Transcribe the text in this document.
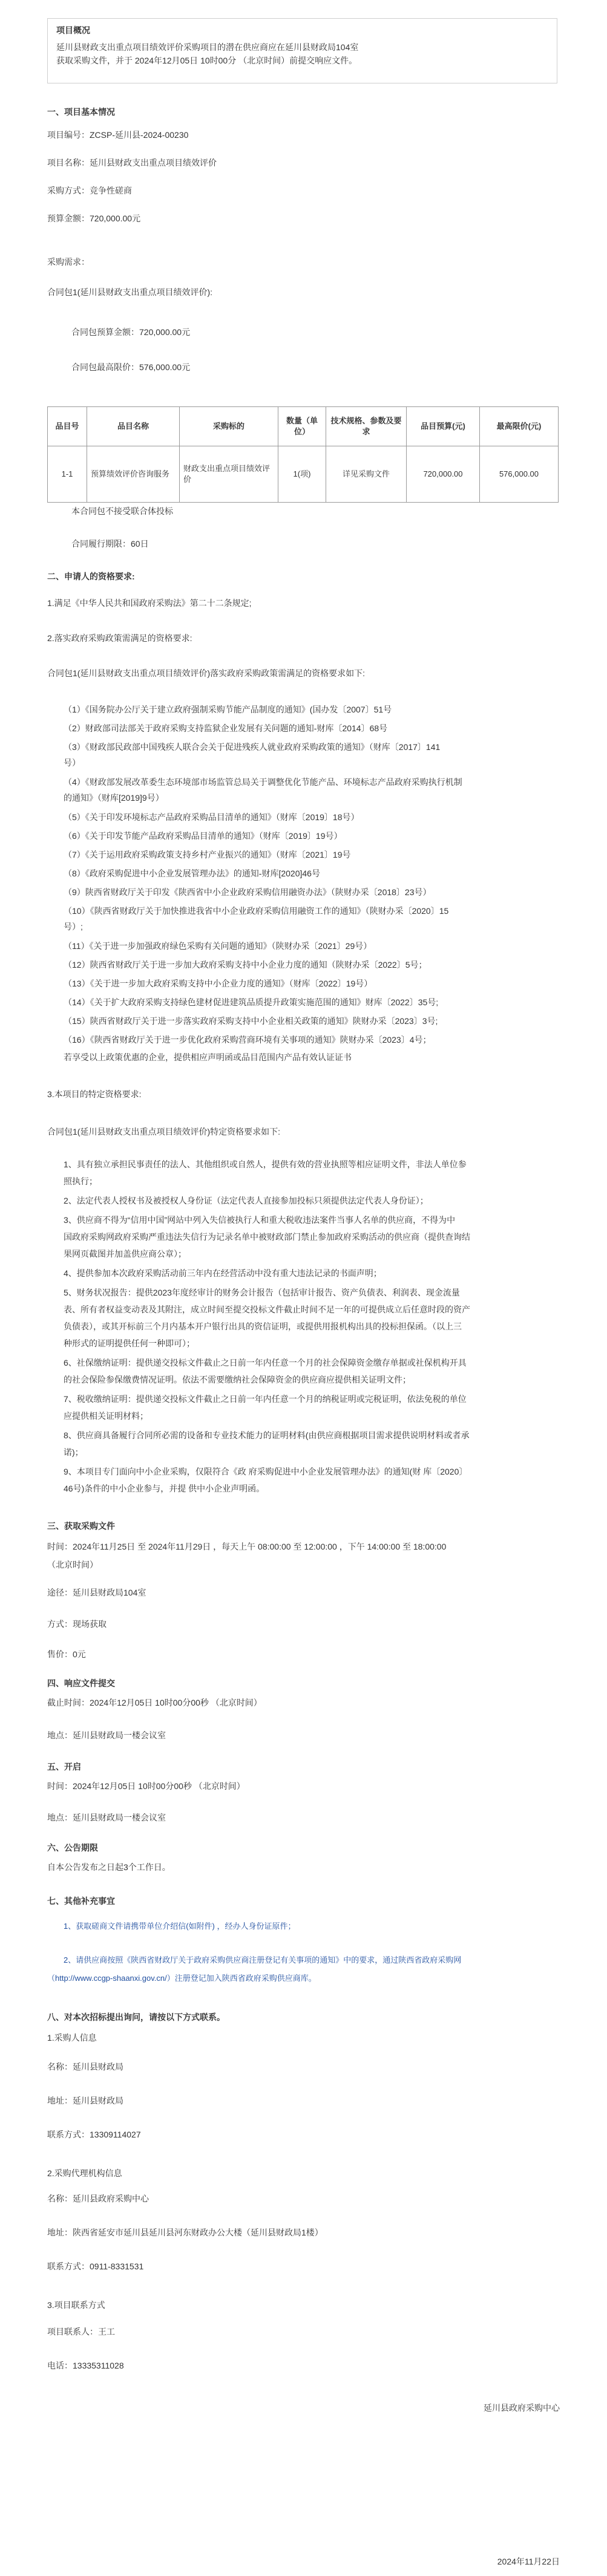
项目概况

延川县财政支出重点项目绩效评价采购项目的潜在供应商应在延川县财政局104室

获取采购文件，并于 2024年12月05日 10时00分 （北京时间）前提交响应文件。

一、项目基本情况
项目编号：ZCSP-延川县-2024-00230
项目名称：延川县财政支出重点项目绩效评价
采购方式：竞争性磋商
预算金额：720,000.00元
采购需求：
合同包1(延川县财政支出重点项目绩效评价):
合同包预算金额：720,000.00元
合同包最高限价：576,000.00元
品目号	品目名称	采购标的	数量（单位）	技术规格、参数及要求	品目预算(元)	最高限价(元)
1-1	预算绩效评价咨询服务	财政支出重点项目绩效评价	1(项)	详见采购文件	720,000.00	576,000.00
本合同包不接受联合体投标
合同履行期限：60日
二、申请人的资格要求:
1.满足《中华人民共和国政府采购法》第二十二条规定;
2.落实政府采购政策需满足的资格要求:
合同包1(延川县财政支出重点项目绩效评价)落实政府采购政策需满足的资格要求如下:
（1）《国务院办公厅关于建立政府强制采购节能产品制度的通知》(国办发〔2007〕51号
（2）财政部司法部关于政府采购支持监狱企业发展有关问题的通知-财库〔2014〕68号
（3）《财政部民政部中国残疾人联合会关于促进残疾人就业政府采购政策的通知》（财库〔2017〕141
号）
（4）《财政部发展改革委生态环境部市场监管总局关于调整优化节能产品、环境标志产品政府采购执行机制
的通知》（财库[2019]9号）
（5）《关于印发环境标志产品政府采购品目清单的通知》（财库〔2019〕18号）
（6）《关于印发节能产品政府采购品目清单的通知》（财库〔2019〕19号）
（7）《关于运用政府采购政策支持乡村产业振兴的通知》（财库〔2021〕19号
（8）《政府采购促进中小企业发展管理办法》的通知-财库[2020]46号
（9）陕西省财政厅关于印发《陕西省中小企业政府采购信用融资办法》（陕财办采〔2018〕23号）
（10）《陕西省财政厅关于加快推进我省中小企业政府采购信用融资工作的通知》（陕财办采〔2020〕15
号）;
（11）《关于进一步加强政府绿色采购有关问题的通知》（陕财办采〔2021〕29号）
（12）陕西省财政厅关于进一步加大政府采购支持中小企业力度的通知（陕财办采〔2022〕5号；
（13）《关于进一步加大政府采购支持中小企业力度的通知》（财库〔2022〕19号）
（14）《关于扩大政府采购支持绿色建材促进建筑品质提升政策实施范围的通知》财库〔2022〕35号;
（15）陕西省财政厅关于进一步落实政府采购支持中小企业相关政策的通知》陕财办采〔2023〕3号;
（16）《陕西省财政厅关于进一步优化政府采购营商环境有关事项的通知》陕财办采〔2023〕4号；
若享受以上政策优惠的企业，提供相应声明函或品目范围内产品有效认证证书
3.本项目的特定资格要求:
合同包1(延川县财政支出重点项目绩效评价)特定资格要求如下:
1、具有独立承担民事责任的法人、其他组织或自然人，提供有效的营业执照等相应证明文件，非法人单位参
照执行；
2、法定代表人授权书及被授权人身份证（法定代表人直接参加投标只须提供法定代表人身份证）；
3、供应商不得为“信用中国”网站中列入失信被执行人和重大税收违法案件当事人名单的供应商，不得为中
国政府采购网政府采购严重违法失信行为记录名单中被财政部门禁止参加政府采购活动的供应商（提供查询结
果网页截图并加盖供应商公章）；
4、提供参加本次政府采购活动前三年内在经营活动中没有重大违法记录的书面声明；
5、财务状况报告：提供2023年度经审计的财务会计报告（包括审计报告、资产负债表、利润表、现金流量
表、所有者权益变动表及其附注，成立时间至提交投标文件截止时间不足一年的可提供成立后任意时段的资产
负债表），或其开标前三个月内基本开户银行出具的资信证明，或提供用报机构出具的投标担保函。（以上三
种形式的证明提供任何一种即可）；
6、社保缴纳证明：提供递交投标文件截止之日前一年内任意一个月的社会保障资金缴存单据或社保机构开具
的社会保险参保缴费情况证明。依法不需要缴纳社会保障资金的供应商应提供相关证明文件；
7、税收缴纳证明：提供递交投标文件截止之日前一年内任意一个月的纳税证明或完税证明，依法免税的单位
应提供相关证明材料；
8、供应商具备履行合同所必需的设备和专业技术能力的证明材料(由供应商根据项目需求提供说明材料或者承
诺)；
9、本项目专门面向中小企业采购，仅限符合《政 府采购促进中小企业发展管理办法》的通知(财 库〔2020〕
46号)条件的中小企业参与，并提 供中小企业声明函。
三、获取采购文件
时间：2024年11月25日 至 2024年11月29日 ，每天上午 08:00:00 至 12:00:00 ，下午 14:00:00 至 18:00:00
（北京时间）
途径：延川县财政局104室
方式：现场获取
售价：0元
四、响应文件提交
截止时间：2024年12月05日 10时00分00秒 （北京时间）
地点：延川县财政局一楼会议室
五、开启
时间：2024年12月05日 10时00分00秒 （北京时间）
地点：延川县财政局一楼会议室
六、公告期限
自本公告发布之日起3个工作日。
七、其他补充事宜
1、获取磋商文件请携带单位介绍信(如附件) ，经办人身份证原件；
2、请供应商按照《陕西省财政厅关于政府采购供应商注册登记有关事项的通知》中的要求，通过陕西省政府采购网
（http://www.ccgp-shaanxi.gov.cn/）注册登记加入陕西省政府采购供应商库。
八、对本次招标提出询问，请按以下方式联系。
1.采购人信息
名称：延川县财政局
地址：延川县财政局
联系方式：13309114027
2.采购代理机构信息
名称：延川县政府采购中心
地址：陕西省延安市延川县延川县河东财政办公大楼（延川县财政局1楼）
联系方式：0911-8331531
3.项目联系方式
项目联系人：王工
电话：13335311028
延川县政府采购中心
2024年11月22日
